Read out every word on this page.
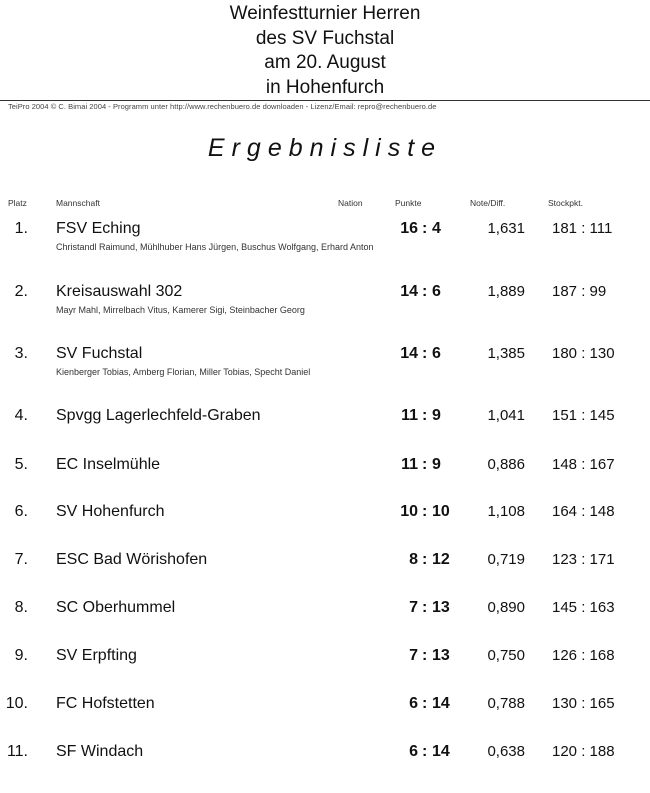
Weinfestturnier Herren
des SV Fuchstal
am 20. August
in Hohenfurch
TeiPro 2004 © C. Bimai 2004 - Programm unter http://www.rechenbuero.de downloaden - Lizenz/Email: repro@rechenbuero.de
Ergebnisliste
Platz	Mannschaft	Nation	Punkte	Note/Diff.	Stockpkt.
1. FSV Eching
Christandl Raimund, Mühlhuber Hans Jürgen, Buschus Wolfgang, Erhard Anton
16 : 4	1,631 181 : 111
2. Kreisauswahl 302
Mayr Mahl, Mirrelbach Vitus, Kamerer Sigi, Steinbacher Georg
14 : 6	1,889 187 : 99
3. SV Fuchstal
Kienberger Tobias, Amberg Florian, Miller Tobias, Specht Daniel
14 : 6	1,385 180 : 130
4. Spvgg Lagerlechfeld-Graben	11 : 9	1,041 151 : 145
5. EC Inselmühle	11 : 9	0,886 148 : 167
6. SV Hohenfurch	10 : 10	1,108 164 : 148
7. ESC Bad Wörishofen	8 : 12	0,719 123 : 171
8. SC Oberhummel	7 : 13	0,890 145 : 163
9. SV Erpfting	7 : 13	0,750 126 : 168
10. FC Hofstetten	6 : 14	0,788 130 : 165
11. SF Windach	6 : 14	0,638 120 : 188
